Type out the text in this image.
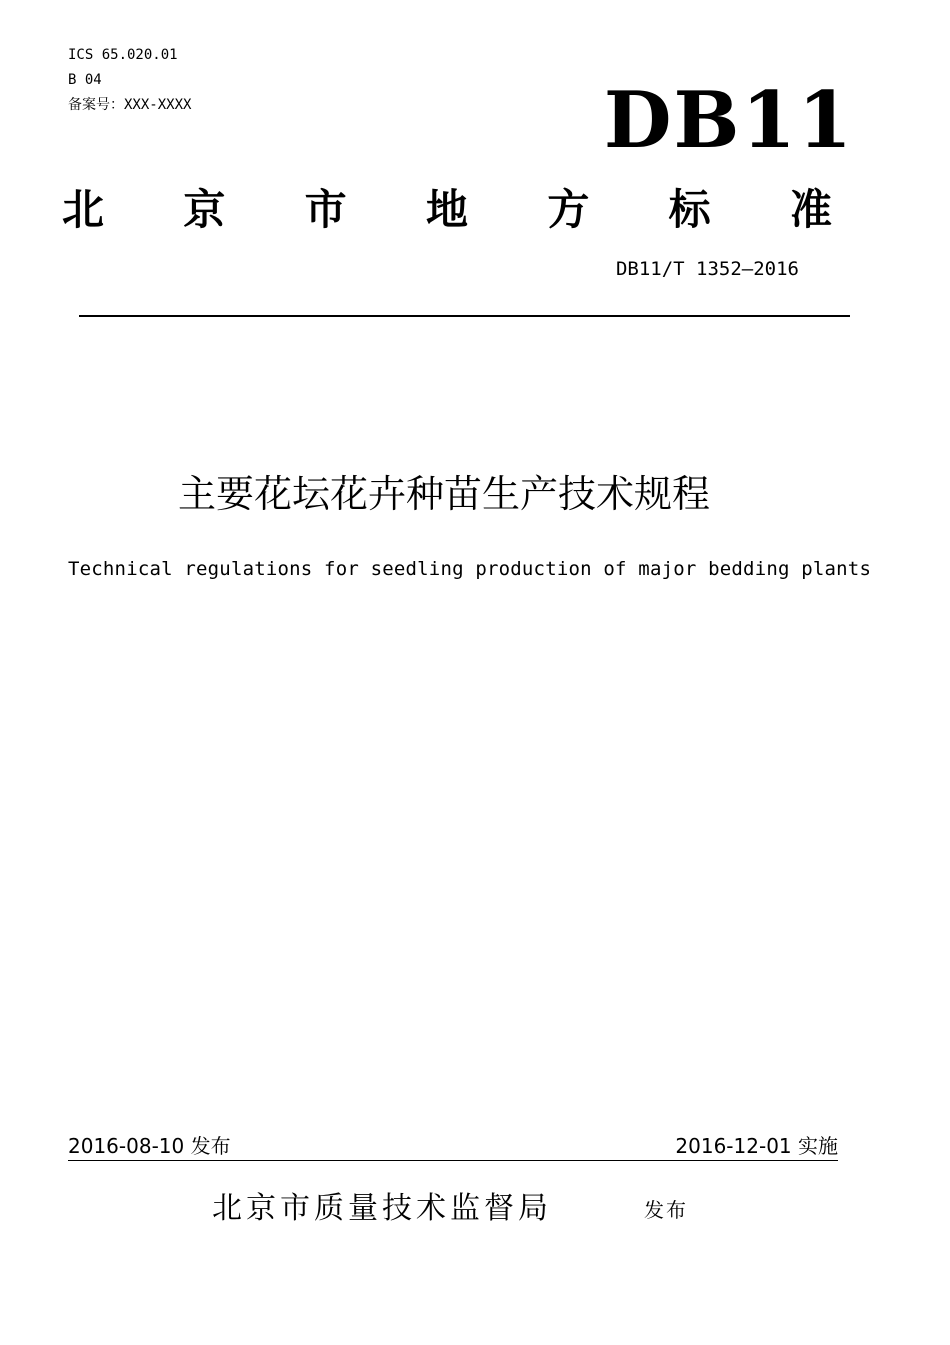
ICS 65.020.01
B 04
备案号：XXX-XXXX	DB11
北 京 市 地 方 标 准
DB11/T 1352—2016
主要花坛花卉种苗生产技术规程
Technical regulations for seedling production of major bedding plants
2016-08-10 发布	2016-12-01 实施
北京市质量技术监督局	发布
